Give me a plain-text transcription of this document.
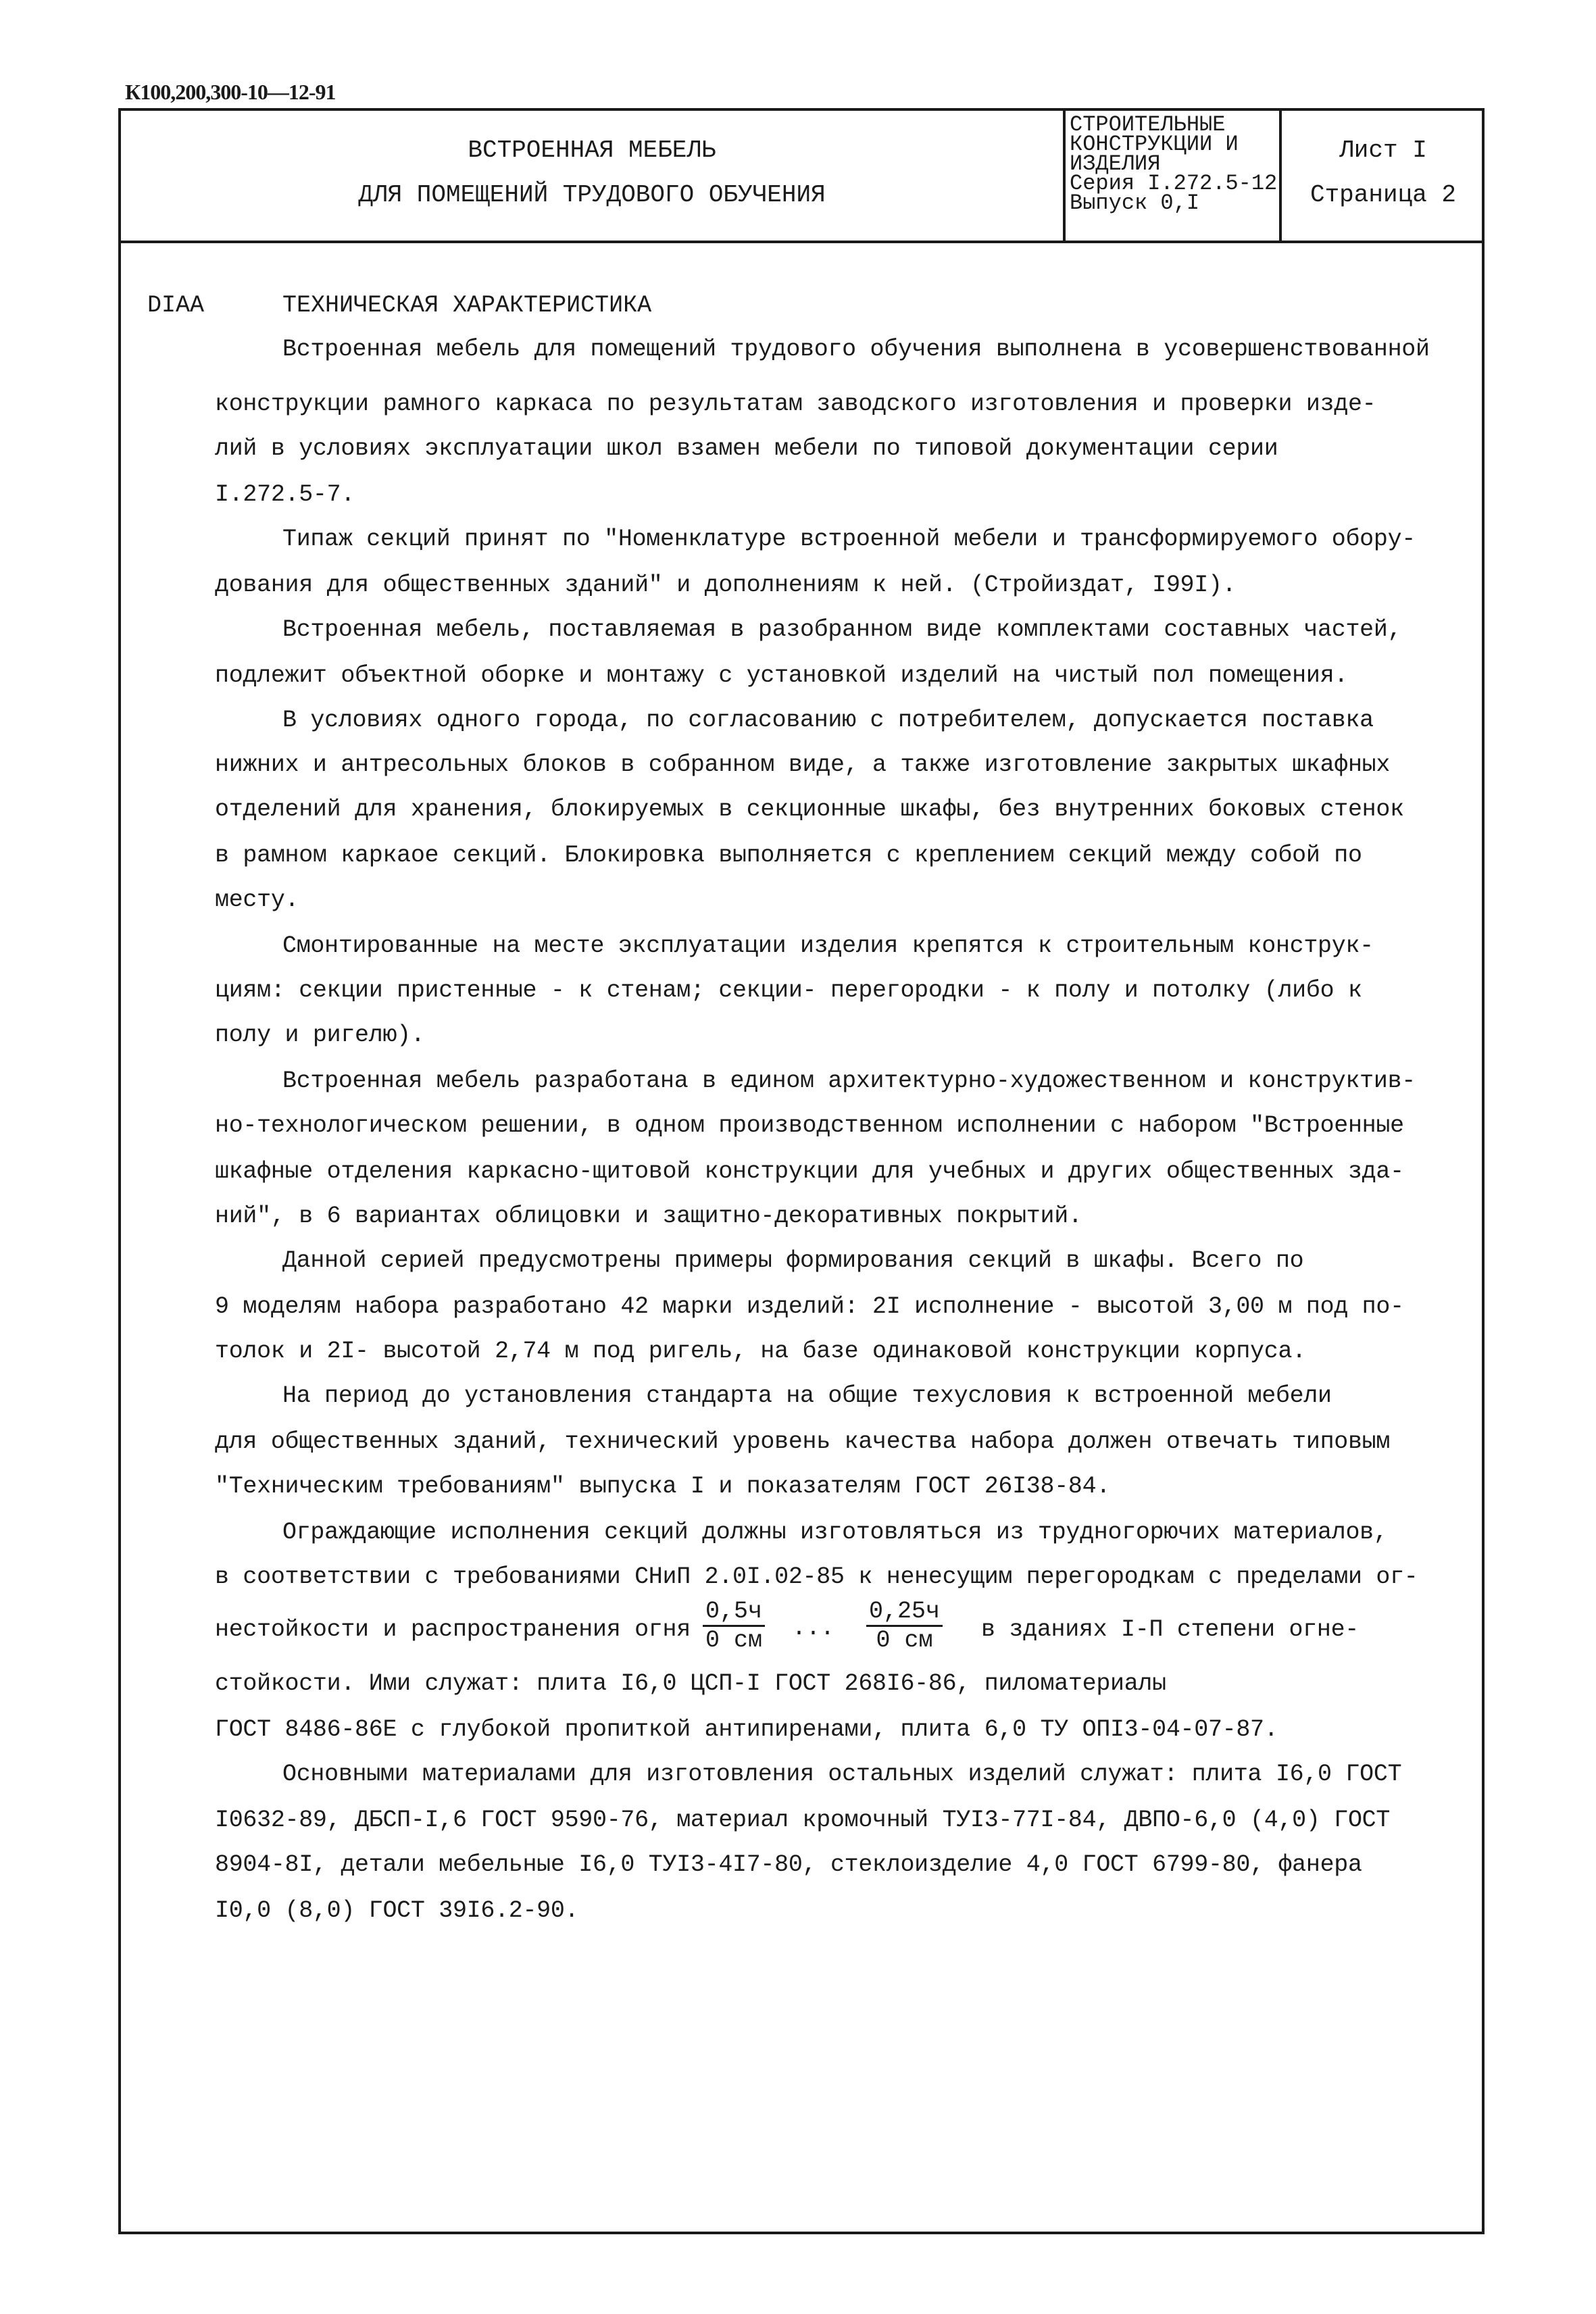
К100,200,300-10—12-91
ВСТРОЕННАЯ МЕБЕЛЬ
ДЛЯ ПОМЕЩЕНИЙ ТРУДОВОГО ОБУЧЕНИЯ
СТРОИТЕЛЬНЫЕ
КОНСТРУКЦИИ И
ИЗДЕЛИЯ
Серия I.272.5-12
Выпуск 0,I
Лист I
Страница 2
DIAA	ТЕХНИЧЕСКАЯ ХАРАКТЕРИСТИКА
Встроенная мебель для помещений трудового обучения выполнена в усовершенствованной
конструкции рамного каркаса по результатам заводского изготовления и проверки изде-
лий в условиях эксплуатации школ взамен мебели по типовой документации серии
I.272.5-7.
Типаж секций принят по "Номенклатуре встроенной мебели и трансформируемого обору-
дования для общественных зданий" и дополнениям к ней. (Стройиздат, I99I).
Встроенная мебель, поставляемая в разобранном виде комплектами составных частей,
подлежит объектной оборке и монтажу с установкой изделий на чистый пол помещения.
В условиях одного города, по согласованию с потребителем, допускается поставка
нижних и антресольных блоков в собранном виде, а также изготовление закрытых шкафных
отделений для хранения, блокируемых в секционные шкафы, без внутренних боковых стенок
в рамном каркаое секций. Блокировка выполняется с креплением секций между собой по
месту.
Смонтированные на месте эксплуатации изделия крепятся к строительным конструк-
циям: секции пристенные - к стенам; секции- перегородки - к полу и потолку (либо к
полу и ригелю).
Встроенная мебель разработана в едином архитектурно-художественном и конструктив-
но-технологическом решении, в одном производственном исполнении с набором "Встроенные
шкафные отделения каркасно-щитовой конструкции для учебных и других общественных зда-
ний", в 6 вариантах облицовки и защитно-декоративных покрытий.
Данной серией предусмотрены примеры формирования секций в шкафы. Всего по
9 моделям набора разработано 42 марки изделий: 2I исполнение - высотой 3,00 м под по-
толок и 2I- высотой 2,74 м под ригель, на базе одинаковой конструкции корпуса.
На период до установления стандарта на общие техусловия к встроенной мебели
для общественных зданий, технический уровень качества набора должен отвечать типовым
"Техническим требованиям" выпуска I и показателям ГОСТ 26I38-84.
Ограждающие исполнения секций должны изготовляться из трудногорючих материалов,
в соответствии с требованиями СНиП 2.0I.02-85 к ненесущим перегородкам с пределами ог-
нестойкости и распространения огня
0,5ч
0 см ...
0,25ч
0 см	в зданиях I-П степени огне-
стойкости. Ими служат: плита I6,0 ЦСП-I ГОСТ 268I6-86, пиломатериалы
ГОСТ 8486-86Е с глубокой пропиткой антипиренами, плита 6,0 ТУ ОПI3-04-07-87.
Основными материалами для изготовления остальных изделий служат: плита I6,0 ГОСТ
I0632-89, ДБСП-I,6 ГОСТ 9590-76, материал кромочный ТУI3-77I-84, ДВПО-6,0 (4,0) ГОСТ
8904-8I, детали мебельные I6,0 ТУI3-4I7-80, стеклоизделие 4,0 ГОСТ 6799-80, фанера
I0,0 (8,0) ГОСТ 39I6.2-90.
